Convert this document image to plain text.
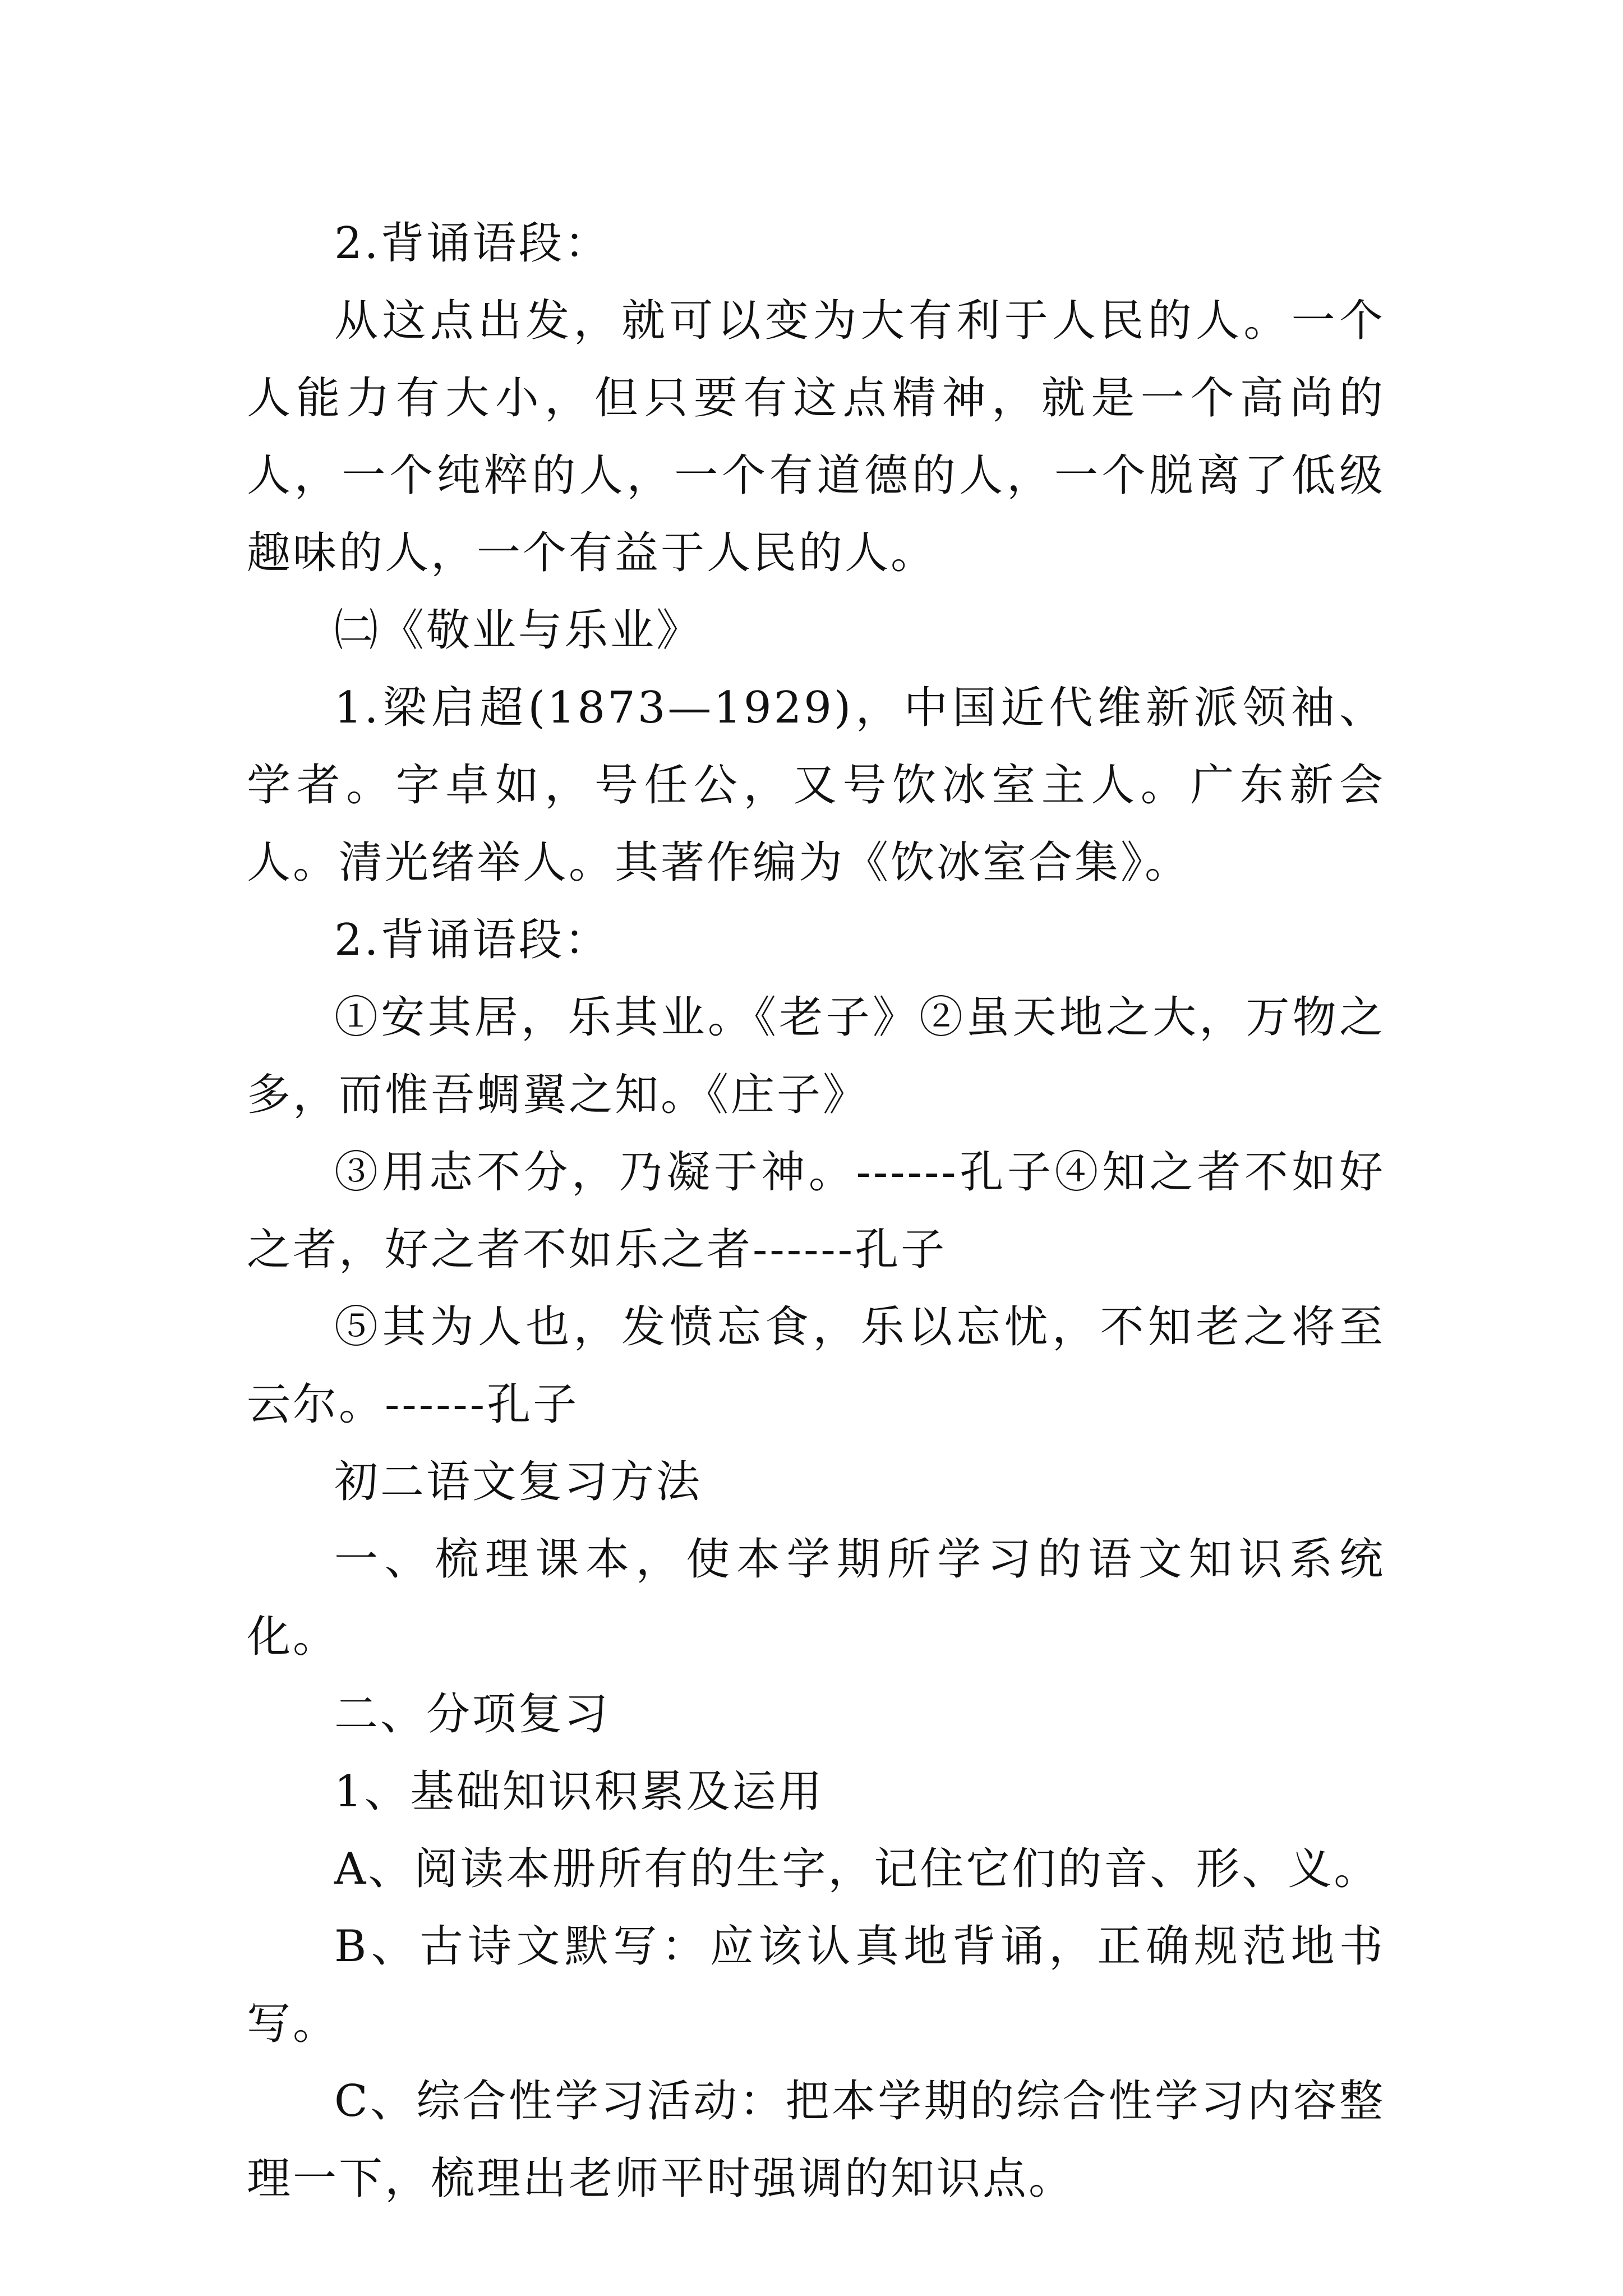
2.背诵语段：

从这点出发，就可以变为大有利于人民的人。一个人能力有大小，但只要有这点精神，就是一个高尚的人，一个纯粹的人，一个有道德的人，一个脱离了低级趣味的人，一个有益于人民的人。

㈡《敬业与乐业》

1.梁启超(1873—1929)，中国近代维新派领袖、学者。字卓如，号任公，又号饮冰室主人。广东新会人。清光绪举人。其著作编为《饮冰室合集》。

2.背诵语段：

①安其居，乐其业。《老子》②虽天地之大，万物之多，而惟吾蜩翼之知。《庄子》

③用志不分，乃凝于神。------孔子④知之者不如好之者，好之者不如乐之者------孔子

⑤其为人也，发愤忘食，乐以忘忧，不知老之将至云尔。------孔子

初二语文复习方法

一、梳理课本，使本学期所学习的语文知识系统化。

二、分项复习

1、基础知识积累及运用

A、阅读本册所有的生字，记住它们的音、形、义。

B、古诗文默写：应该认真地背诵，正确规范地书写。

C、综合性学习活动：把本学期的综合性学习内容整理一下，梳理出老师平时强调的知识点。
